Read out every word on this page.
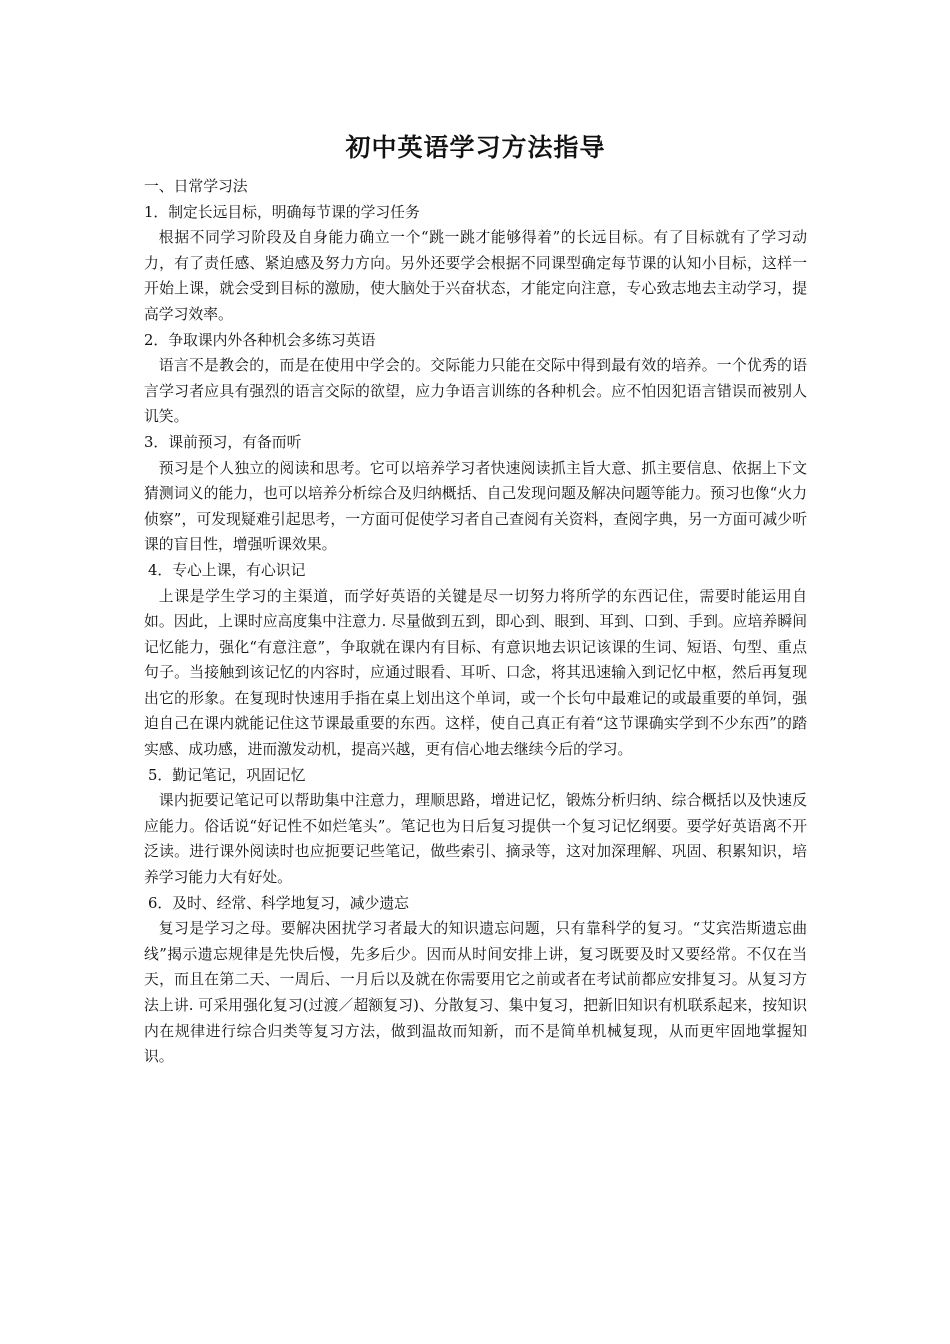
初中英语学习方法指导

一、日常学习法

1．制定长远目标，明确每节课的学习任务

根据不同学习阶段及自身能力确立一个“跳一跳才能够得着”的长远目标。有了目标就有了学习动力，有了责任感、紧迫感及努力方向。另外还要学会根据不同课型确定每节课的认知小目标，这样一开始上课，就会受到目标的激励，使大脑处于兴奋状态，才能定向注意，专心致志地去主动学习，提高学习效率。

2．争取课内外各种机会多练习英语

语言不是教会的，而是在使用中学会的。交际能力只能在交际中得到最有效的培养。一个优秀的语言学习者应具有强烈的语言交际的欲望，应力争语言训练的各种机会。应不怕因犯语言错误而被别人讥笑。

3．课前预习，有备而听

预习是个人独立的阅读和思考。它可以培养学习者快速阅读抓主旨大意、抓主要信息、依据上下文猜测词义的能力，也可以培养分析综合及归纳概括、自己发现问题及解决问题等能力。预习也像“火力侦察”，可发现疑难引起思考，一方面可促使学习者自己查阅有关资料，查阅字典，另一方面可减少听课的盲目性，增强听课效果。

4．专心上课，有心识记

上课是学生学习的主渠道，而学好英语的关键是尽一切努力将所学的东西记住，需要时能运用自如。因此，上课时应高度集中注意力. 尽量做到五到，即心到、眼到、耳到、口到、手到。应培养瞬间记忆能力，强化“有意注意”，争取就在课内有目标、有意识地去识记该课的生词、短语、句型、重点句子。当接触到该记忆的内容时，应通过眼看、耳听、口念，将其迅速输入到记忆中枢，然后再复现出它的形象。在复现时快速用手指在桌上划出这个单词，或一个长句中最难记的或最重要的单饲，强迫自己在课内就能记住这节课最重要的东西。这样，使自己真正有着“这节课确实学到不少东西”的踏实感、成功感，进而激发动机，提高兴越，更有信心地去继续今后的学习。

5．勤记笔记，巩固记忆

课内扼要记笔记可以帮助集中注意力，理顺思路，增进记忆，锻炼分析归纳、综合概括以及快速反应能力。俗话说“好记性不如烂笔头”。笔记也为日后复习提供一个复习记忆纲要。要学好英语离不开泛读。进行课外阅读时也应扼要记些笔记，做些索引、摘录等，这对加深理解、巩固、积累知识，培养学习能力大有好处。

6．及时、经常、科学地复习，减少遗忘

复习是学习之母。要解决困扰学习者最大的知识遗忘问题，只有靠科学的复习。“艾宾浩斯遗忘曲线”揭示遗忘规律是先快后慢，先多后少。因而从时间安排上讲，复习既要及时又要经常。不仅在当天，而且在第二天、一周后、一月后以及就在你需要用它之前或者在考试前都应安排复习。从复习方法上讲. 可采用强化复习(过渡／超额复习)、分散复习、集中复习，把新旧知识有机联系起来，按知识内在规律进行综合归类等复习方法，做到温故而知新，而不是简单机械复现，从而更牢固地掌握知识。
